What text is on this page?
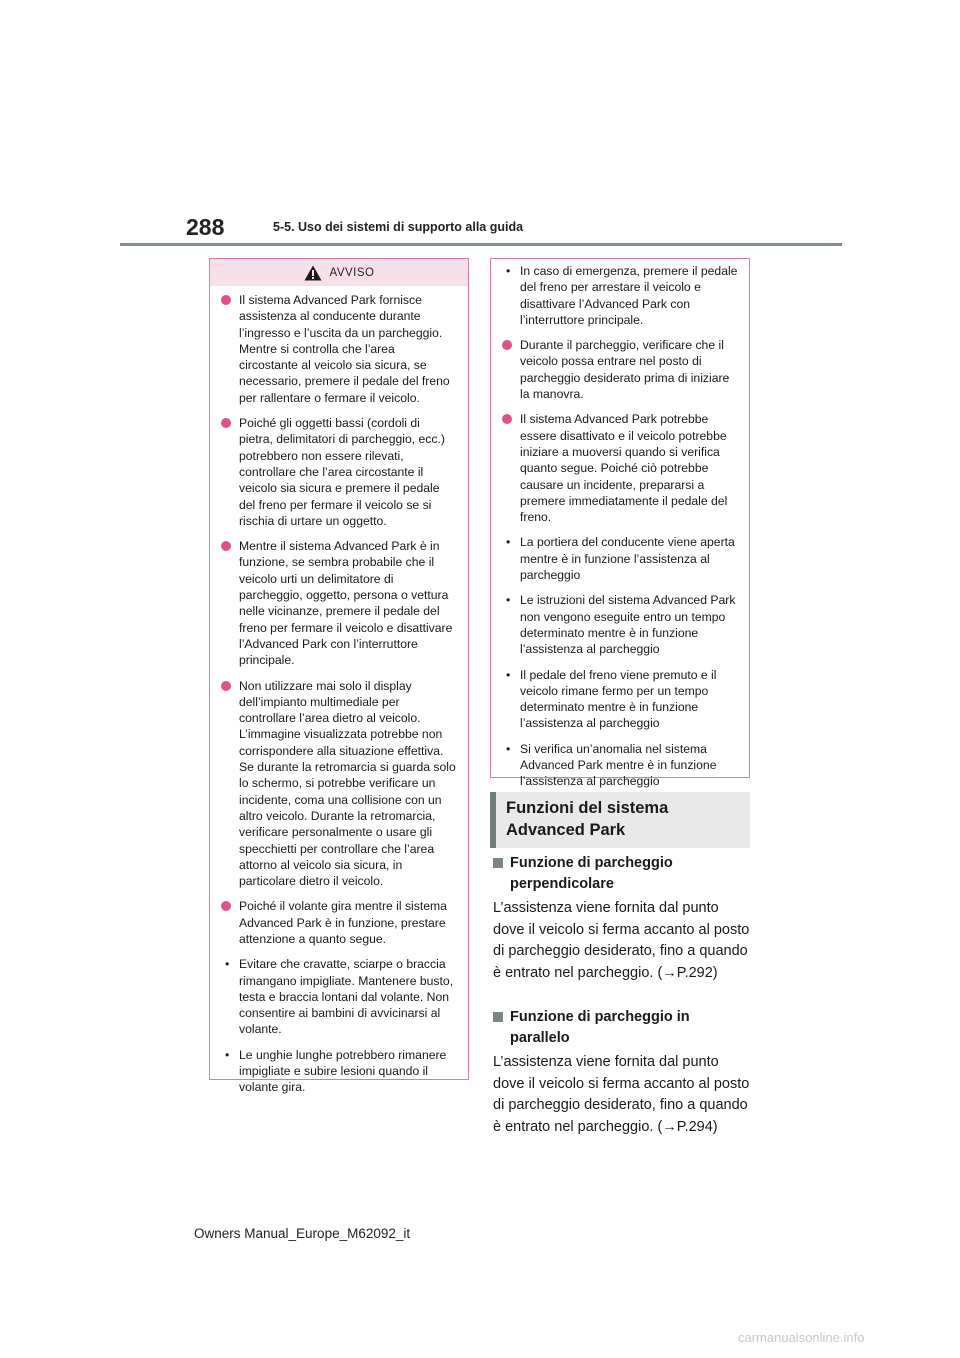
288	5-5. Uso dei sistemi di supporto alla guida
AVVISO
Il sistema Advanced Park fornisce assistenza al conducente durante l’ingresso e l’uscita da un parcheggio. Mentre si controlla che l’area circostante al veicolo sia sicura, se necessario, premere il pedale del freno per rallentare o fermare il veicolo.
Poiché gli oggetti bassi (cordoli di pietra, delimitatori di parcheggio, ecc.) potrebbero non essere rilevati, controllare che l’area circostante il veicolo sia sicura e premere il pedale del freno per fermare il veicolo se si rischia di urtare un oggetto.
Mentre il sistema Advanced Park è in funzione, se sembra probabile che il veicolo urti un delimitatore di parcheggio, oggetto, persona o vettura nelle vicinanze, premere il pedale del freno per fermare il veicolo e disattivare l’Advanced Park con l’interruttore principale.
Non utilizzare mai solo il display dell’impianto multimediale per controllare l’area dietro al veicolo. L’immagine visualizzata potrebbe non corrispondere alla situazione effettiva. Se durante la retromarcia si guarda solo lo schermo, si potrebbe verificare un incidente, coma una collisione con un altro veicolo. Durante la retromarcia, verificare personalmente o usare gli specchietti per controllare che l’area attorno al veicolo sia sicura, in particolare dietro il veicolo.
Poiché il volante gira mentre il sistema Advanced Park è in funzione, prestare attenzione a quanto segue.
• Evitare che cravatte, sciarpe o braccia rimangano impigliate. Mantenere busto, testa e braccia lontani dal volante. Non consentire ai bambini di avvicinarsi al volante.
• Le unghie lunghe potrebbero rimanere impigliate e subire lesioni quando il volante gira.
• In caso di emergenza, premere il pedale del freno per arrestare il veicolo e disattivare l’Advanced Park con l’interruttore principale.
Durante il parcheggio, verificare che il veicolo possa entrare nel posto di parcheggio desiderato prima di iniziare la manovra.
Il sistema Advanced Park potrebbe essere disattivato e il veicolo potrebbe iniziare a muoversi quando si verifica quanto segue. Poiché ciò potrebbe causare un incidente, prepararsi a premere immediatamente il pedale del freno.
• La portiera del conducente viene aperta mentre è in funzione l’assistenza al parcheggio
• Le istruzioni del sistema Advanced Park non vengono eseguite entro un tempo determinato mentre è in funzione l’assistenza al parcheggio
• Il pedale del freno viene premuto e il veicolo rimane fermo per un tempo determinato mentre è in funzione l’assistenza al parcheggio
• Si verifica un’anomalia nel sistema Advanced Park mentre è in funzione l’assistenza al parcheggio
Funzioni del sistema Advanced Park
Funzione di parcheggio perpendicolare
L’assistenza viene fornita dal punto dove il veicolo si ferma accanto al posto di parcheggio desiderato, fino a quando è entrato nel parcheggio. (→P.292)
Funzione di parcheggio in parallelo
L’assistenza viene fornita dal punto dove il veicolo si ferma accanto al posto di parcheggio desiderato, fino a quando è entrato nel parcheggio. (→P.294)
Owners Manual_Europe_M62092_it
carmanualsonline.info
